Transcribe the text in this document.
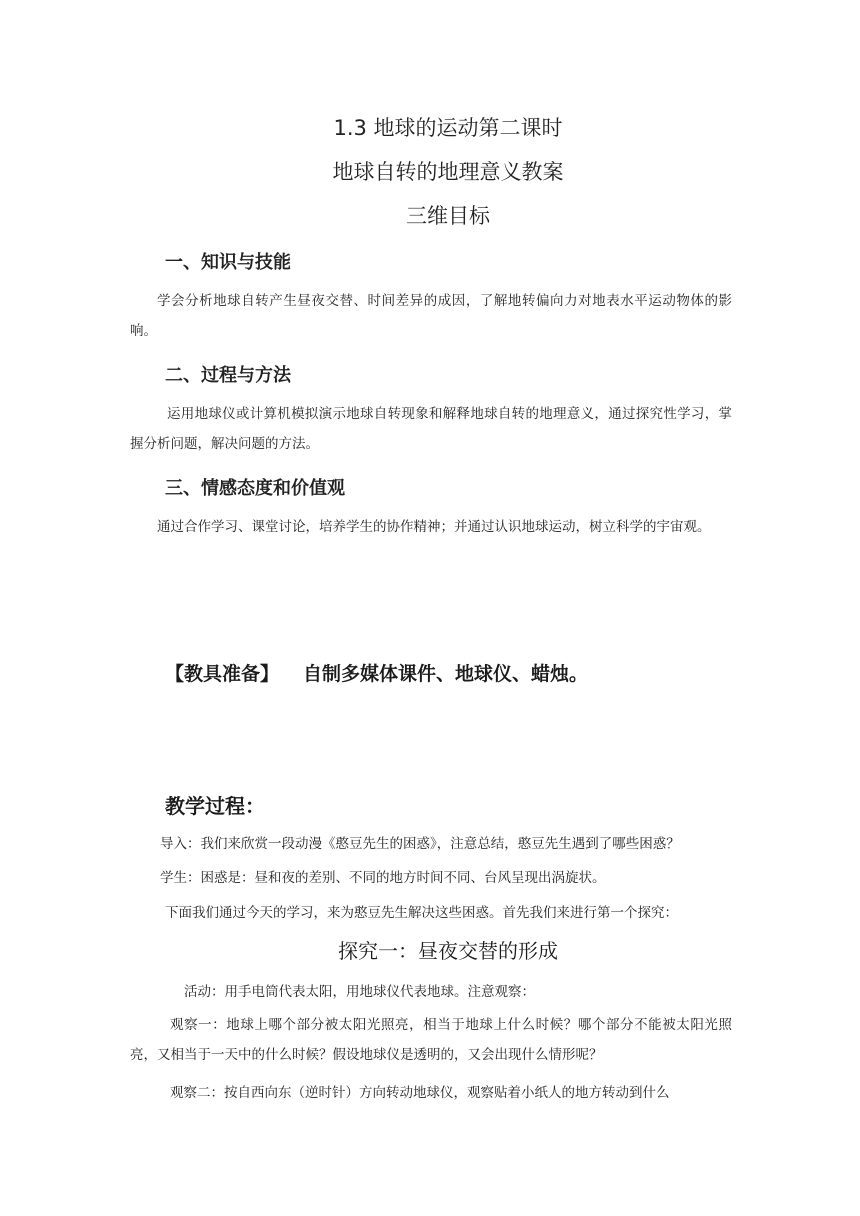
1.3 地球的运动第二课时
地球自转的地理意义教案
三维目标
一、知识与技能
学会分析地球自转产生昼夜交替、时间差异的成因，了解地转偏向力对地表水平运动物体的影响。
二、过程与方法
运用地球仪或计算机模拟演示地球自转现象和解释地球自转的地理意义，通过探究性学习，掌握分析问题，解决问题的方法。
三、情感态度和价值观
通过合作学习、课堂讨论，培养学生的协作精神；并通过认识地球运动，树立科学的宇宙观。
【教具准备】 自制多媒体课件、地球仪、蜡烛。
教学过程：
导入：我们来欣赏一段动漫《憨豆先生的困惑》，注意总结，憨豆先生遇到了哪些困惑？
学生：困惑是：昼和夜的差别、不同的地方时间不同、台风呈现出涡旋状。
下面我们通过今天的学习，来为憨豆先生解决这些困惑。首先我们来进行第一个探究：
探究一：昼夜交替的形成
活动：用手电筒代表太阳，用地球仪代表地球。注意观察：
观察一：地球上哪个部分被太阳光照亮，相当于地球上什么时候？哪个部分不能被太阳光照亮，又相当于一天中的什么时候？假设地球仪是透明的，又会出现什么情形呢？
观察二：按自西向东（逆时针）方向转动地球仪，观察贴着小纸人的地方转动到什么
